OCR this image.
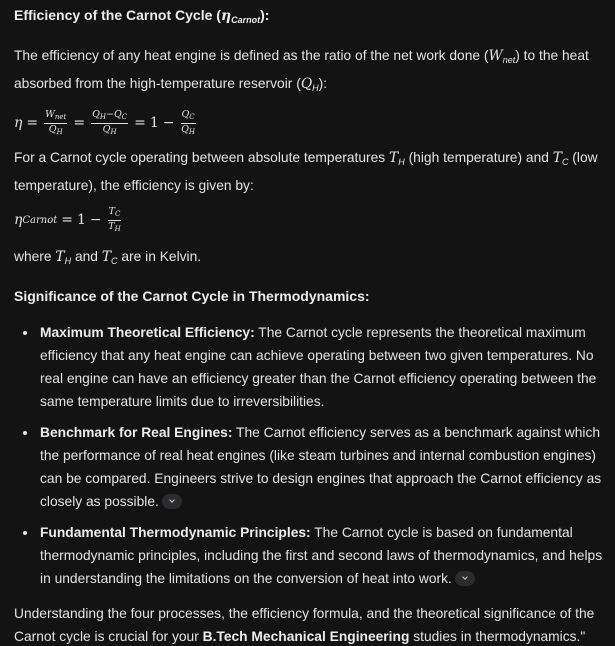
Efficiency of the Carnot Cycle $(\eta_{Carnot})$:

The efficiency of any heat engine is defined as the ratio of the net work done $(W_{net})$ to the heat absorbed from the high-temperature reservoir $(Q_H)$:

$\eta = \frac{W_{net}}{Q_H} = \frac{Q_H-Q_C}{Q_H} = 1 - \frac{Q_C}{Q_H}$

For a Carnot cycle operating between absolute temperatures $T_H$ (high temperature) and $T_C$ (low temperature), the efficiency is given by:

η Carnot = $1 - \frac{T_C}{T_H}$

where $T_H$ and $T_C$ are in Kelvin.

Significance of the Carnot Cycle in Thermodynamics:
Maximum Theoretical Efficiency: The Carnot cycle represents the theoretical maximum efficiency that any heat engine can achieve operating between two given temperatures. No real engine can have an efficiency greater than the Carnot efficiency operating between the same temperature limits due to irreversibilities.
Benchmark for Real Engines: The Carnot efficiency serves as a benchmark against which the performance of real heat engines (like steam turbines and internal combustion engines) can be compared. Engineers strive to design engines that approach the Carnot efficiency as closely as possible.
Fundamental Thermodynamic Principles: The Carnot cycle is based on fundamental thermodynamic principles, including the first and second laws of thermodynamics, and helps in understanding the limitations on the conversion of heat into work.

Understanding the four processes, the efficiency formula, and the theoretical significance of the Carnot cycle is crucial for your B.Tech Mechanical Engineering studies in thermodynamics."
